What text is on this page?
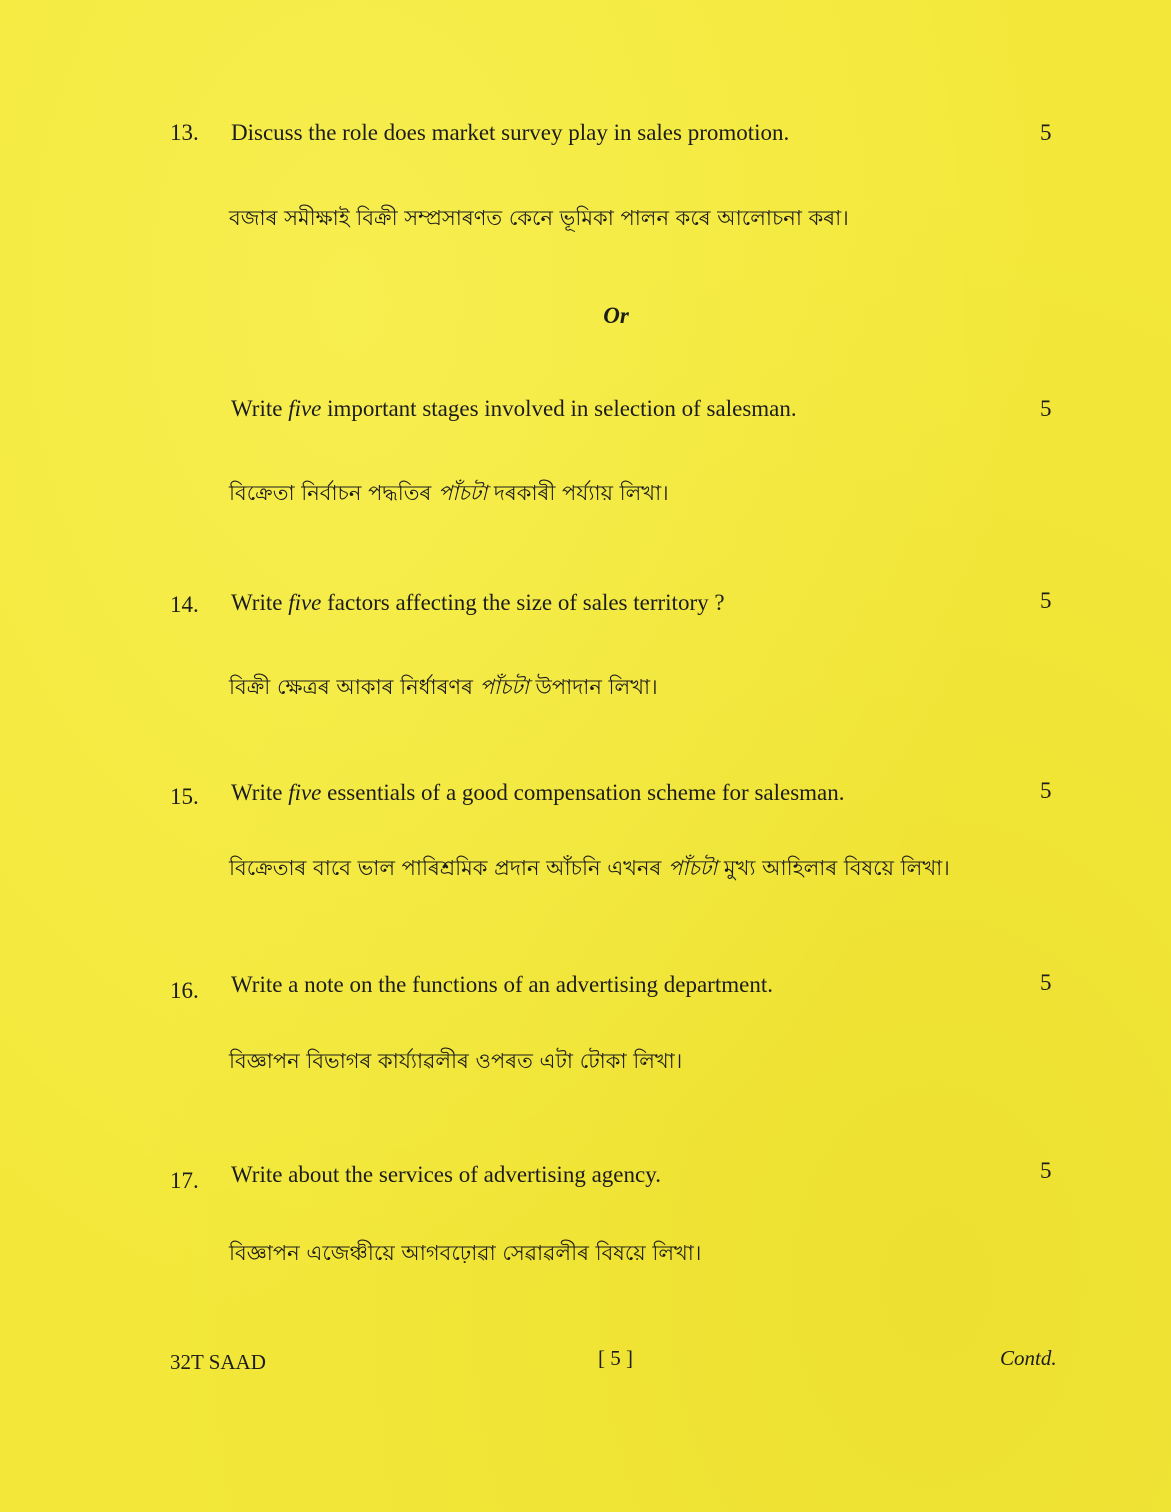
13. Discuss the role does market survey play in sales promotion.	5
বজাৰ সমীক্ষাই বিক্ৰী সম্প্ৰসাৰণত কেনে ভূমিকা পালন কৰে আলোচনা কৰা।
Or
Write five important stages involved in selection of salesman.	5
বিক্ৰেতা নিৰ্বাচন পদ্ধতিৰ পাঁচটা দৰকাৰী পৰ্য্যায় লিখা।
14. Write five factors affecting the size of sales territory ?	5
বিক্ৰী ক্ষেত্ৰৰ আকাৰ নিৰ্ধাৰণৰ পাঁচটা উপাদান লিখা।
15. Write five essentials of a good compensation scheme for salesman.	5
বিক্ৰেতাৰ বাবে ভাল পাৰিশ্ৰমিক প্ৰদান আঁচনি এখনৰ পাঁচটা মুখ্য আহিলাৰ বিষয়ে লিখা।
16. Write a note on the functions of an advertising department.	5
বিজ্ঞাপন বিভাগৰ কাৰ্য্যাৱলীৰ ওপৰত এটা টোকা লিখা।
17. Write about the services of advertising agency.	5
বিজ্ঞাপন এজেঞ্চীয়ে আগবঢ়োৱা সেৱাৱলীৰ বিষয়ে লিখা।
32T SAAD	[ 5 ]	Contd.
